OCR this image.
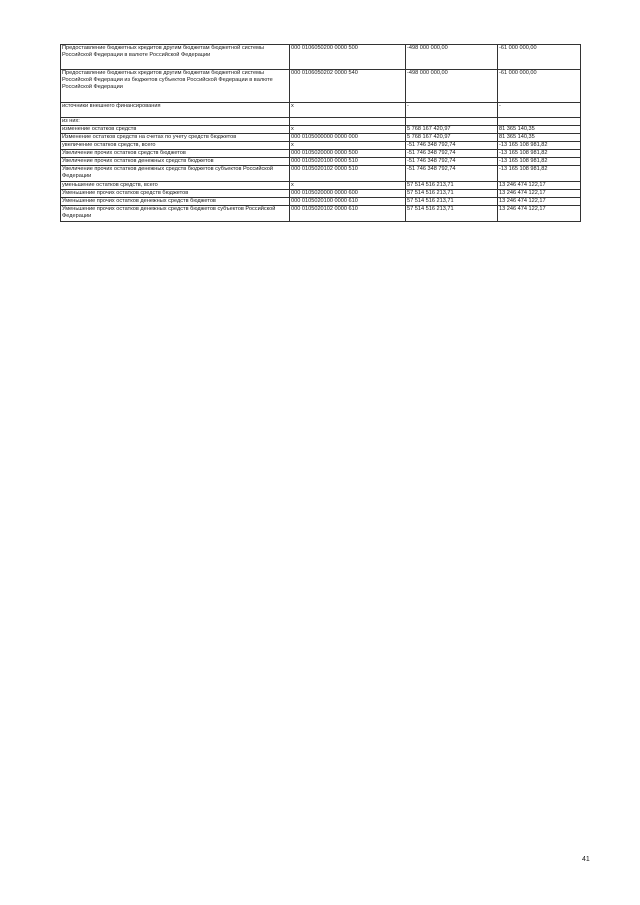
Предоставление бюджетных кредитов другим бюджетам бюджетной системы Российской Федерации в валюте Российской Федерации	000 0106050200 0000 500	-498 000 000,00	-61 000 000,00
Предоставление бюджетных кредитов другим бюджетам бюджетной системы Российской Федерации из бюджетов субъектов Российской Федерации в валюте Российской Федерации	000 0106050202 0000 540	-498 000 000,00	-61 000 000,00
источники внешнего финансирования	x	-	-
из них:			
изменение остатков средств	x	5 768 167 420,97	81 365 140,35
Изменение остатков средств на счетах по учету средств бюджетов	000 0105000000 0000 000	5 768 167 420,97	81 365 140,35
увеличение остатков средств, всего	x	-51 746 348 792,74	-13 165 108 981,82
Увеличение прочих остатков средств бюджетов	000 0105020000 0000 500	-51 746 348 792,74	-13 165 108 981,82
Увеличение прочих остатков денежных средств бюджетов	000 0105020100 0000 510	-51 746 348 792,74	-13 165 108 981,82
Увеличение прочих остатков денежных средств бюджетов субъектов Российской Федерации	000 0105020102 0000 510	-51 746 348 792,74	-13 165 108 981,82
уменьшение остатков средств, всего	x	57 514 516 213,71	13 246 474 122,17
Уменьшение прочих остатков средств бюджетов	000 0105020000 0000 600	57 514 516 213,71	13 246 474 122,17
Уменьшение прочих остатков денежных средств бюджетов	000 0105020100 0000 610	57 514 516 213,71	13 246 474 122,17
Уменьшение прочих остатков денежных средств бюджетов субъектов Российской Федерации	000 0105020102 0000 610	57 514 516 213,71	13 246 474 122,17
41
